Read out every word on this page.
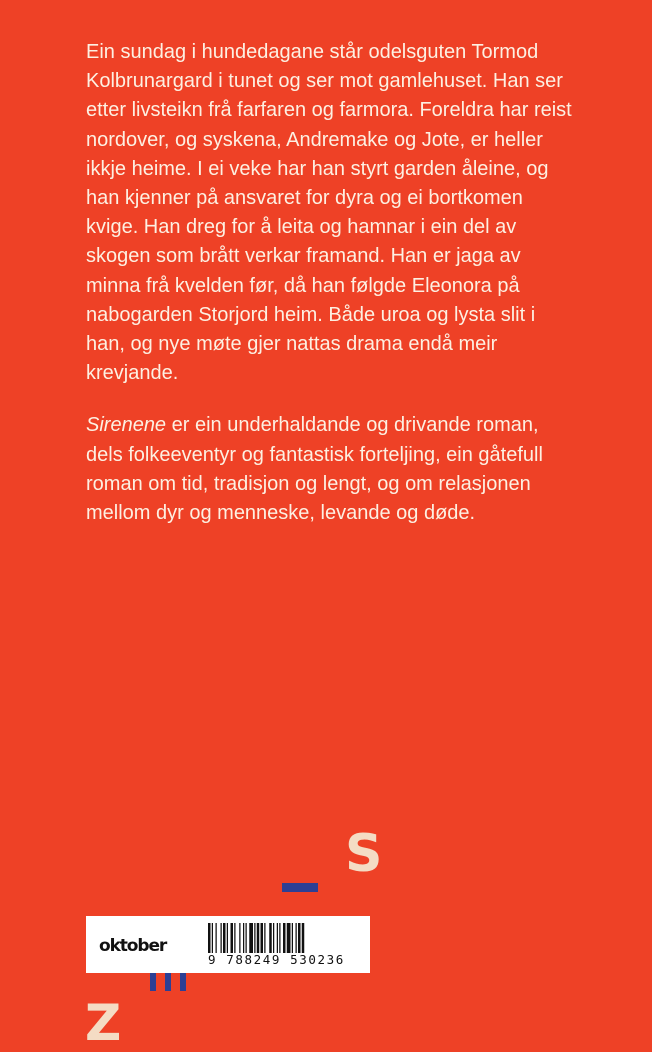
Ein sundag i hundedagane står odelsguten Tormod Kolbrunargard i tunet og ser mot gamlehuset. Han ser etter livsteikn frå farfaren og farmora. Foreldra har reist nordover, og syskena, Andremake og Jote, er heller ikkje heime. I ei veke har han styrt garden åleine, og han kjenner på ansvaret for dyra og ei bortkomen kvige. Han dreg for å leita og hamnar i ein del av skogen som brått verkar framand. Han er jaga av minna frå kvelden før, då han følgde Eleonora på nabogarden Storjord heim. Både uroa og lysta slit i han, og nye møte gjer nattas drama endå meir krevjande.

Sirenene er ein underhaldande og drivande roman, dels folkeeventyr og fantastisk forteljing, ein gåtefull roman om tid, tradisjon og lengt, og om relasjonen mellom dyr og menneske, levande og døde.

S
Z
oktober
9 788249 530236
